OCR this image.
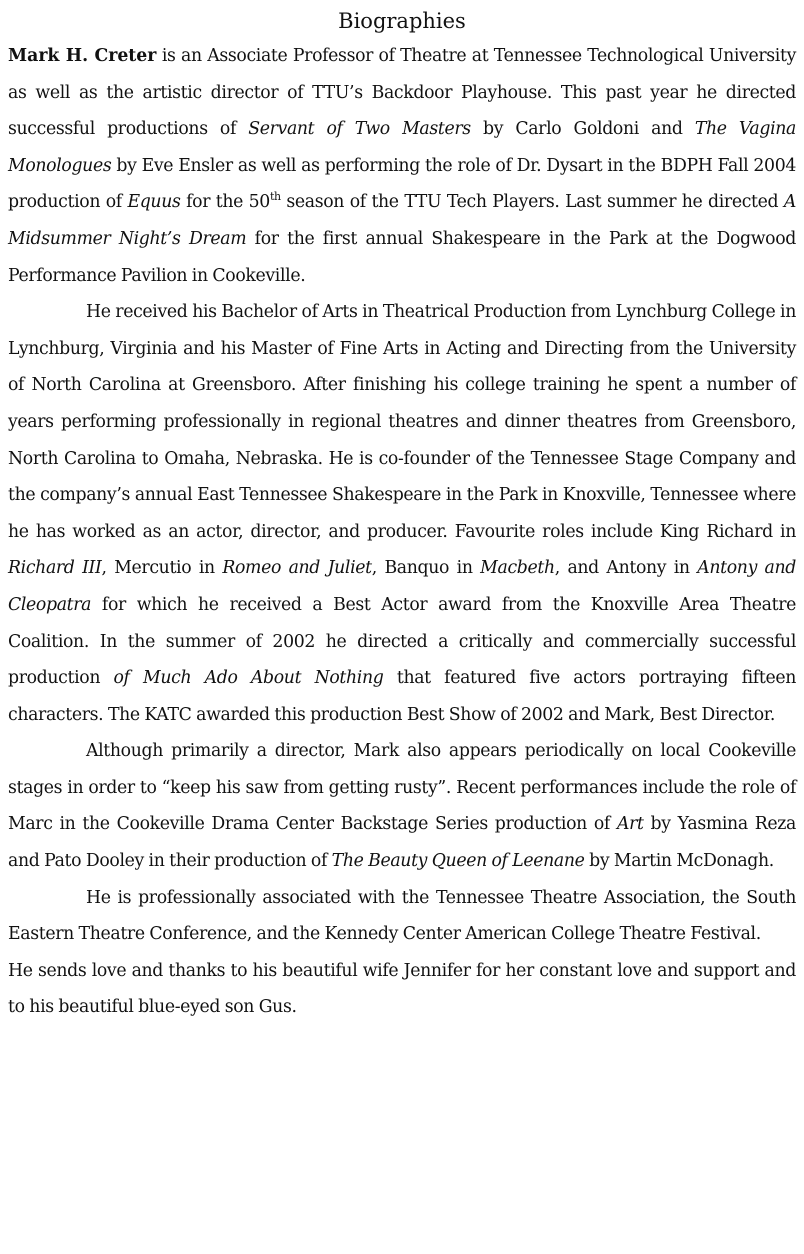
Biographies

Mark H. Creter is an Associate Professor of Theatre at Tennessee Technological University as well as the artistic director of TTU’s Backdoor Playhouse. This past year he directed successful productions of Servant of Two Masters by Carlo Goldoni and The Vagina Monologues by Eve Ensler as well as performing the role of Dr. Dysart in the BDPH Fall 2004 production of Equus for the 50th season of the TTU Tech Players. Last summer he directed A Midsummer Night’s Dream for the first annual Shakespeare in the Park at the Dogwood Performance Pavilion in Cookeville.

He received his Bachelor of Arts in Theatrical Production from Lynchburg College in Lynchburg, Virginia and his Master of Fine Arts in Acting and Directing from the University of North Carolina at Greensboro. After finishing his college training he spent a number of years performing professionally in regional theatres and dinner theatres from Greensboro, North Carolina to Omaha, Nebraska. He is co-founder of the Tennessee Stage Company and the company’s annual East Tennessee Shakespeare in the Park in Knoxville, Tennessee where he has worked as an actor, director, and producer. Favourite roles include King Richard in Richard III, Mercutio in Romeo and Juliet, Banquo in Macbeth, and Antony in Antony and Cleopatra for which he received a Best Actor award from the Knoxville Area Theatre Coalition. In the summer of 2002 he directed a critically and commercially successful production of Much Ado About Nothing that featured five actors portraying fifteen characters. The KATC awarded this production Best Show of 2002 and Mark, Best Director.

Although primarily a director, Mark also appears periodically on local Cookeville stages in order to “keep his saw from getting rusty”. Recent performances include the role of Marc in the Cookeville Drama Center Backstage Series production of Art by Yasmina Reza and Pato Dooley in their production of The Beauty Queen of Leenane by Martin McDonagh.

He is professionally associated with the Tennessee Theatre Association, the South Eastern Theatre Conference, and the Kennedy Center American College Theatre Festival.

He sends love and thanks to his beautiful wife Jennifer for her constant love and support and to his beautiful blue-eyed son Gus.
